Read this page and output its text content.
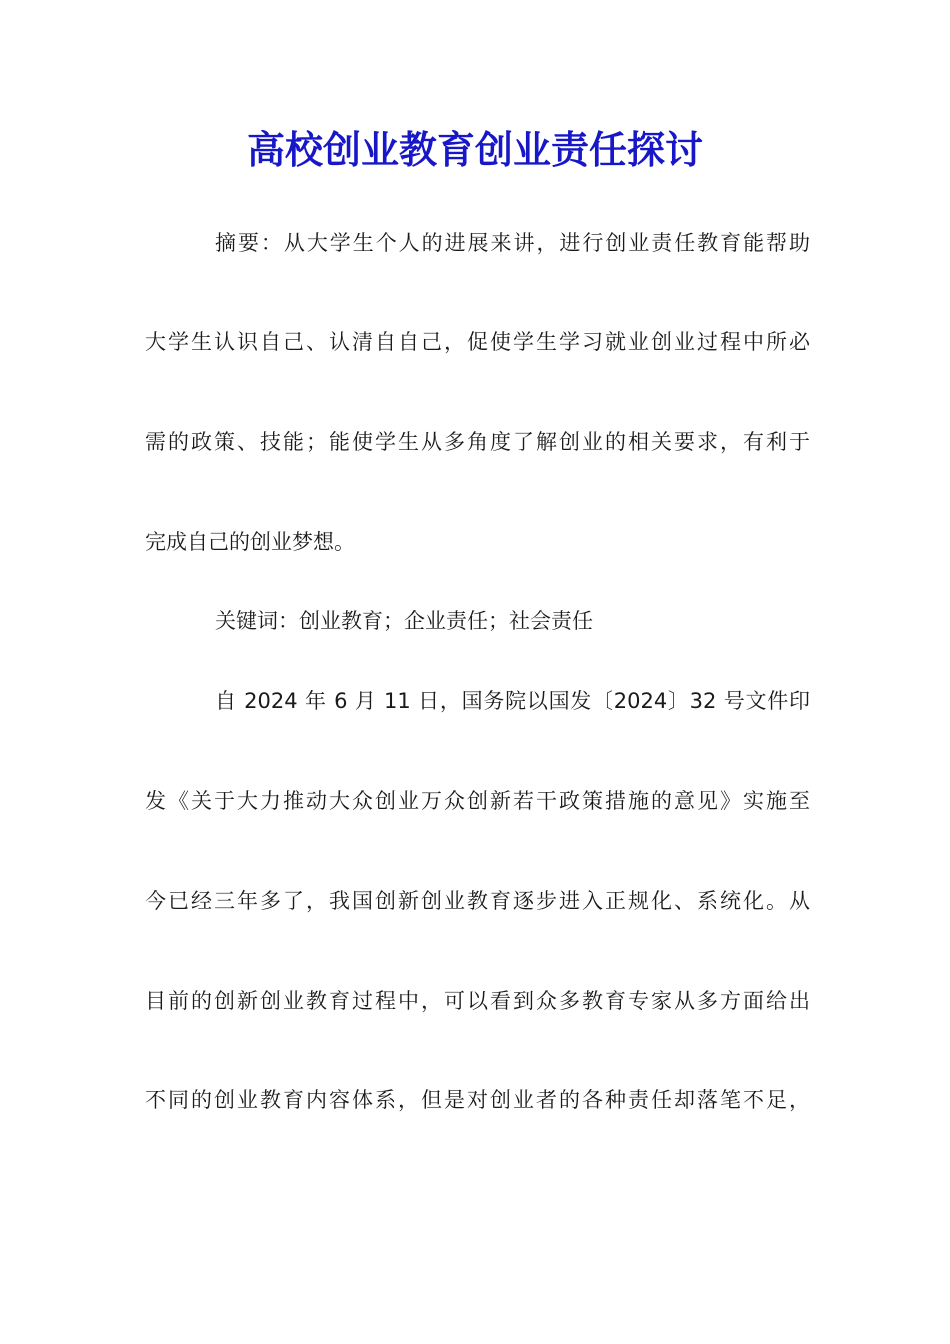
高校创业教育创业责任探讨

摘要：从大学生个人的进展来讲，进行创业责任教育能帮助

大学生认识自己、认清自自己，促使学生学习就业创业过程中所必

需的政策、技能；能使学生从多角度了解创业的相关要求，有利于

完成自己的创业梦想。

关键词：创业教育；企业责任；社会责任

自 2024 年 6 月 11 日，国务院以国发〔2024〕32 号文件印

发《关于大力推动大众创业万众创新若干政策措施的意见》实施至

今已经三年多了，我国创新创业教育逐步进入正规化、系统化。从

目前的创新创业教育过程中，可以看到众多教育专家从多方面给出

不同的创业教育内容体系，但是对创业者的各种责任却落笔不足，
